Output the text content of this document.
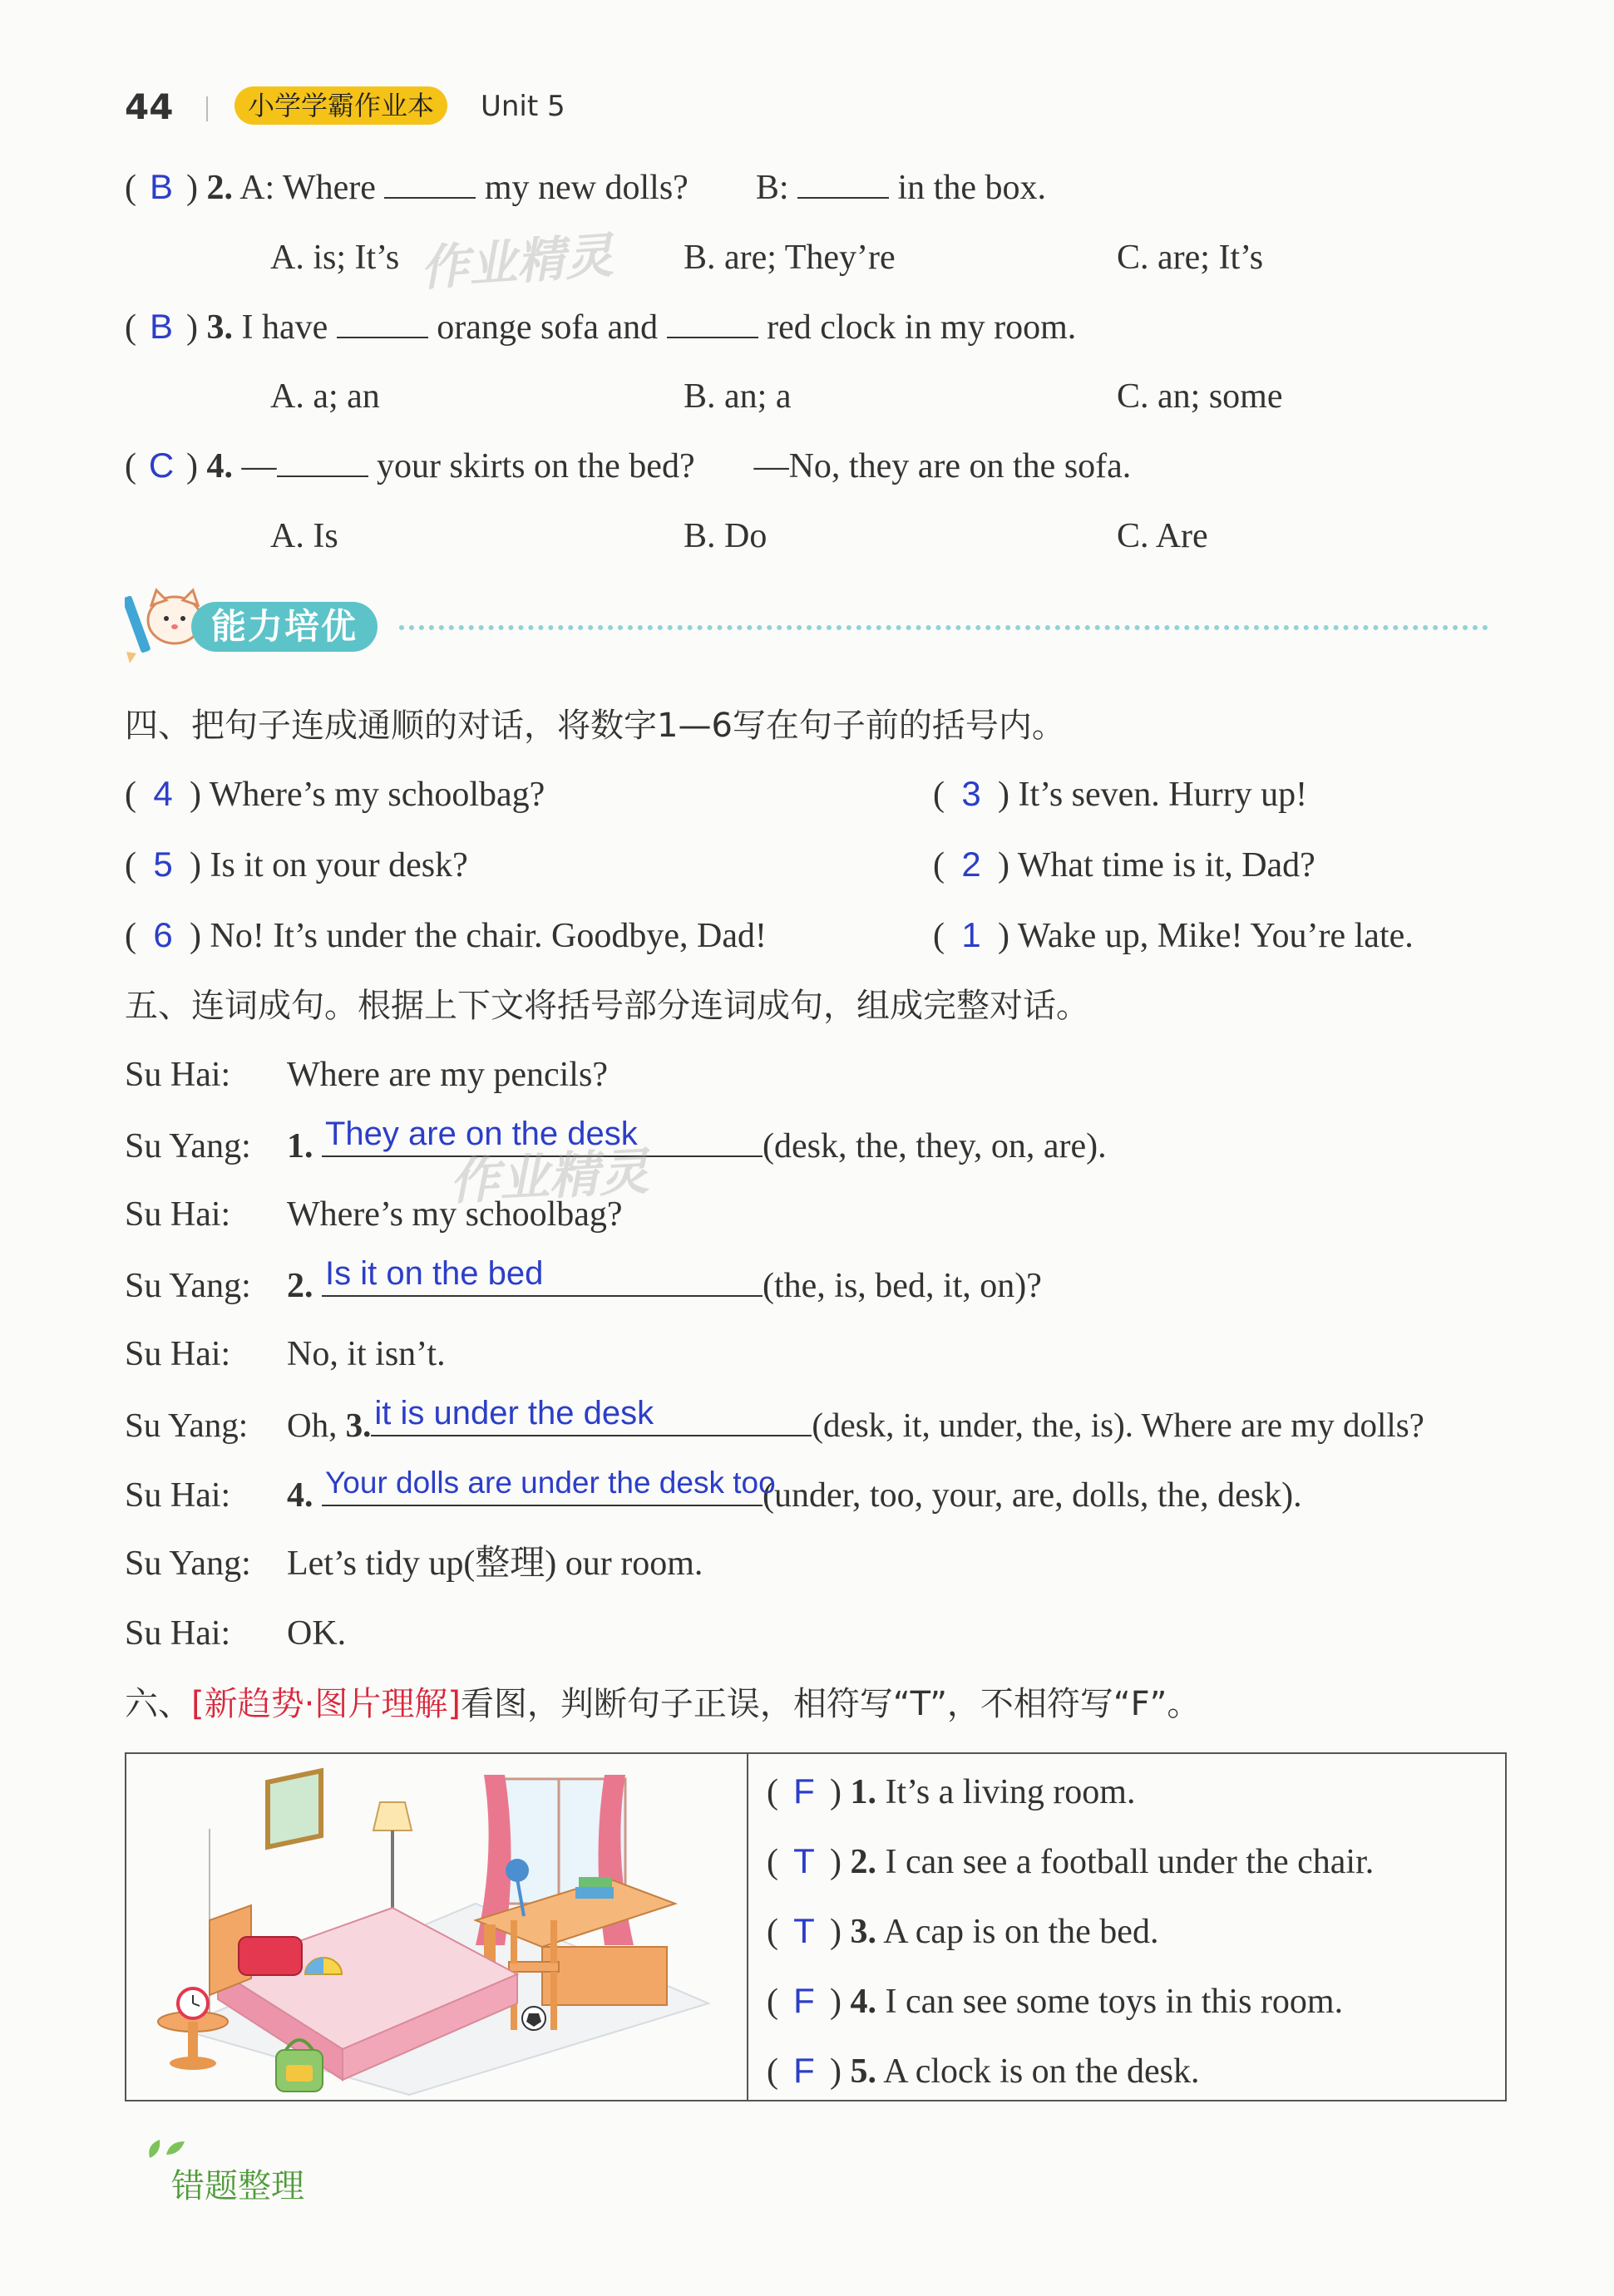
44	小学学霸作业本	Unit 5
( B ) 2. A: Where	my new dolls? B:	in the box.
A. is; It’s	B. are; They’re	C. are; It’s
作业精灵
( B ) 3. I have	orange sofa and	red clock in my room.
A. a; an	B. an; a	C. an; some
( C ) 4. —	your skirts on the bed? —No, they are on the sofa.
A. Is	B. Do	C. Are
能力培优
四、把句子连成通顺的对话，将数字1—6写在句子前的括号内。
( 4 ) Where’s my schoolbag?
( 5 ) Is it on your desk?
( 6 ) No! It’s under the chair. Goodbye, Dad!
( 3 ) It’s seven. Hurry up!
( 2 ) What time is it, Dad?
( 1 ) Wake up, Mike! You’re late.
五、连词成句。根据上下文将括号部分连词成句，组成完整对话。
Su Hai: Where are my pencils?
Su Yang: 1. They are on the desk	(desk, the, they, on, are).
作业精灵
Su Hai: Where’s my schoolbag?
Su Yang: 2. Is it on the bed	(the, is, bed, it, on)?
Su Hai: No, it isn’t.
Su Yang: Oh, 3. it is under the desk	(desk, it, under, the, is). Where are my dolls?
Su Hai: 4. Your dolls are under the desk too
(under, too, your, are, dolls, the, desk).
Su Yang: Let’s tidy up(整理) our room.
Su Hai: OK.
六、[新趋势·图片理解]看图，判断句子正误，相符写“T”，不相符写“F”。
( F ) 1. It’s a living room.
( T ) 2. I can see a football under the chair.
( T ) 3. A cap is on the bed.
( F ) 4. I can see some toys in this room.
( F ) 5. A clock is on the desk.
错题整理
